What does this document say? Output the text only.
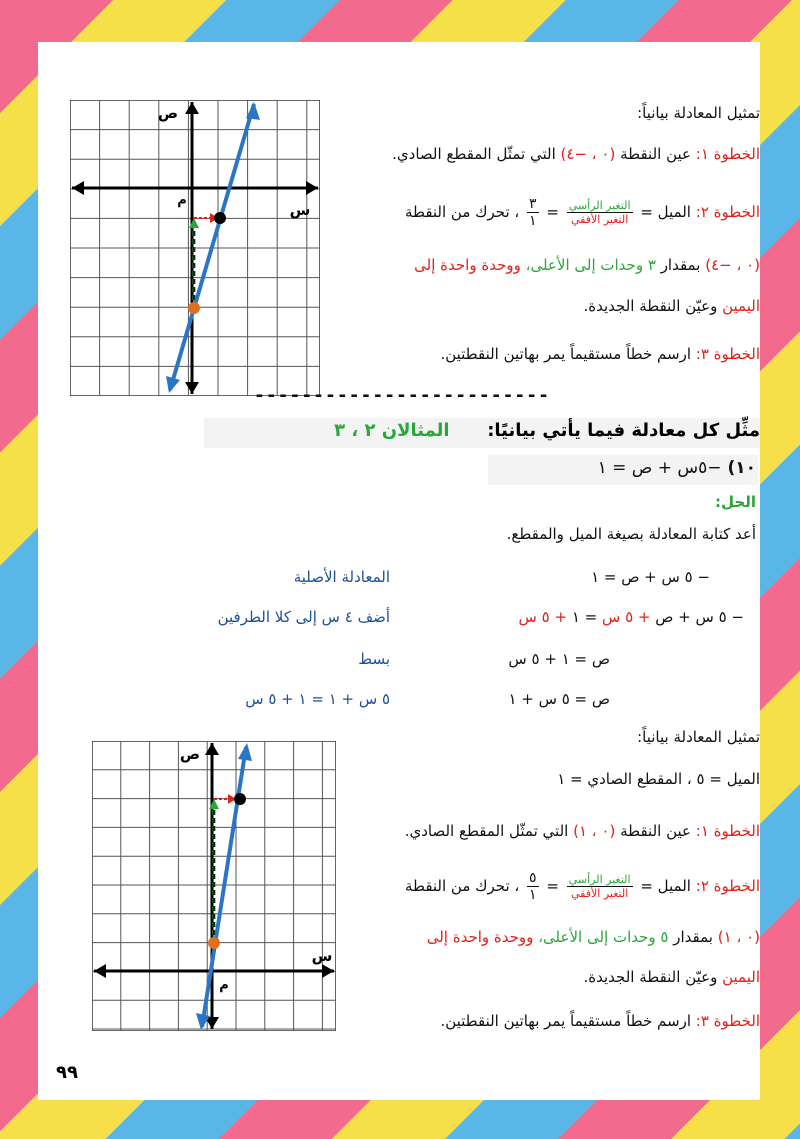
ص
س
م
تمثيل المعادلة بيانياً:
الخطوة ١: عين النقطة (٠ ، −٤) التي تمثّل المقطع الصادي.
الخطوة ٢: الميل =
$\frac{\text{التغير الرأسي}}{\text{التغير الأفقي}}$
=
$\frac{٣}{١}$
، تحرك من النقطة
(٠ ، −٤) بمقدار ٣ وحدات إلى الأعلى، ووحدة واحدة إلى
اليمين وعيّن النقطة الجديدة.
الخطوة ٣: ارسم خطاً مستقيماً يمر بهاتين النقطتين.
-------------------------
مثِّل كل معادلة فيما يأتي بيانيًا:      المثالان ٢ ، ٣
١٠) −٥س + ص = ١
الحل:
أعد كتابة المعادلة بصيغة الميل والمقطع.
− ٥ س + ص = ١
المعادلة الأصلية
− ٥ س + ص + ٥ س = ١ + ٥ س
أضف ٤ س إلى كلا الطرفين
ص = ١ + ٥ س
بسط
ص = ٥ س + ١
٥ س + ١ = ١ + ٥ س
ص
س
م
تمثيل المعادلة بيانياً:
الميل = ٥ ، المقطع الصادي = ١
الخطوة ١: عين النقطة (٠ ، ١) التي تمثّل المقطع الصادي.
الخطوة ٢: الميل =
$\frac{\text{التغير الرأسي}}{\text{التغير الأفقي}}$
=
$\frac{٥}{١}$
، تحرك من النقطة
(٠ ، ١) بمقدار ٥ وحدات إلى الأعلى، ووحدة واحدة إلى
اليمين وعيّن النقطة الجديدة.
الخطوة ٣: ارسم خطاً مستقيماً يمر بهاتين النقطتين.
٩٩
